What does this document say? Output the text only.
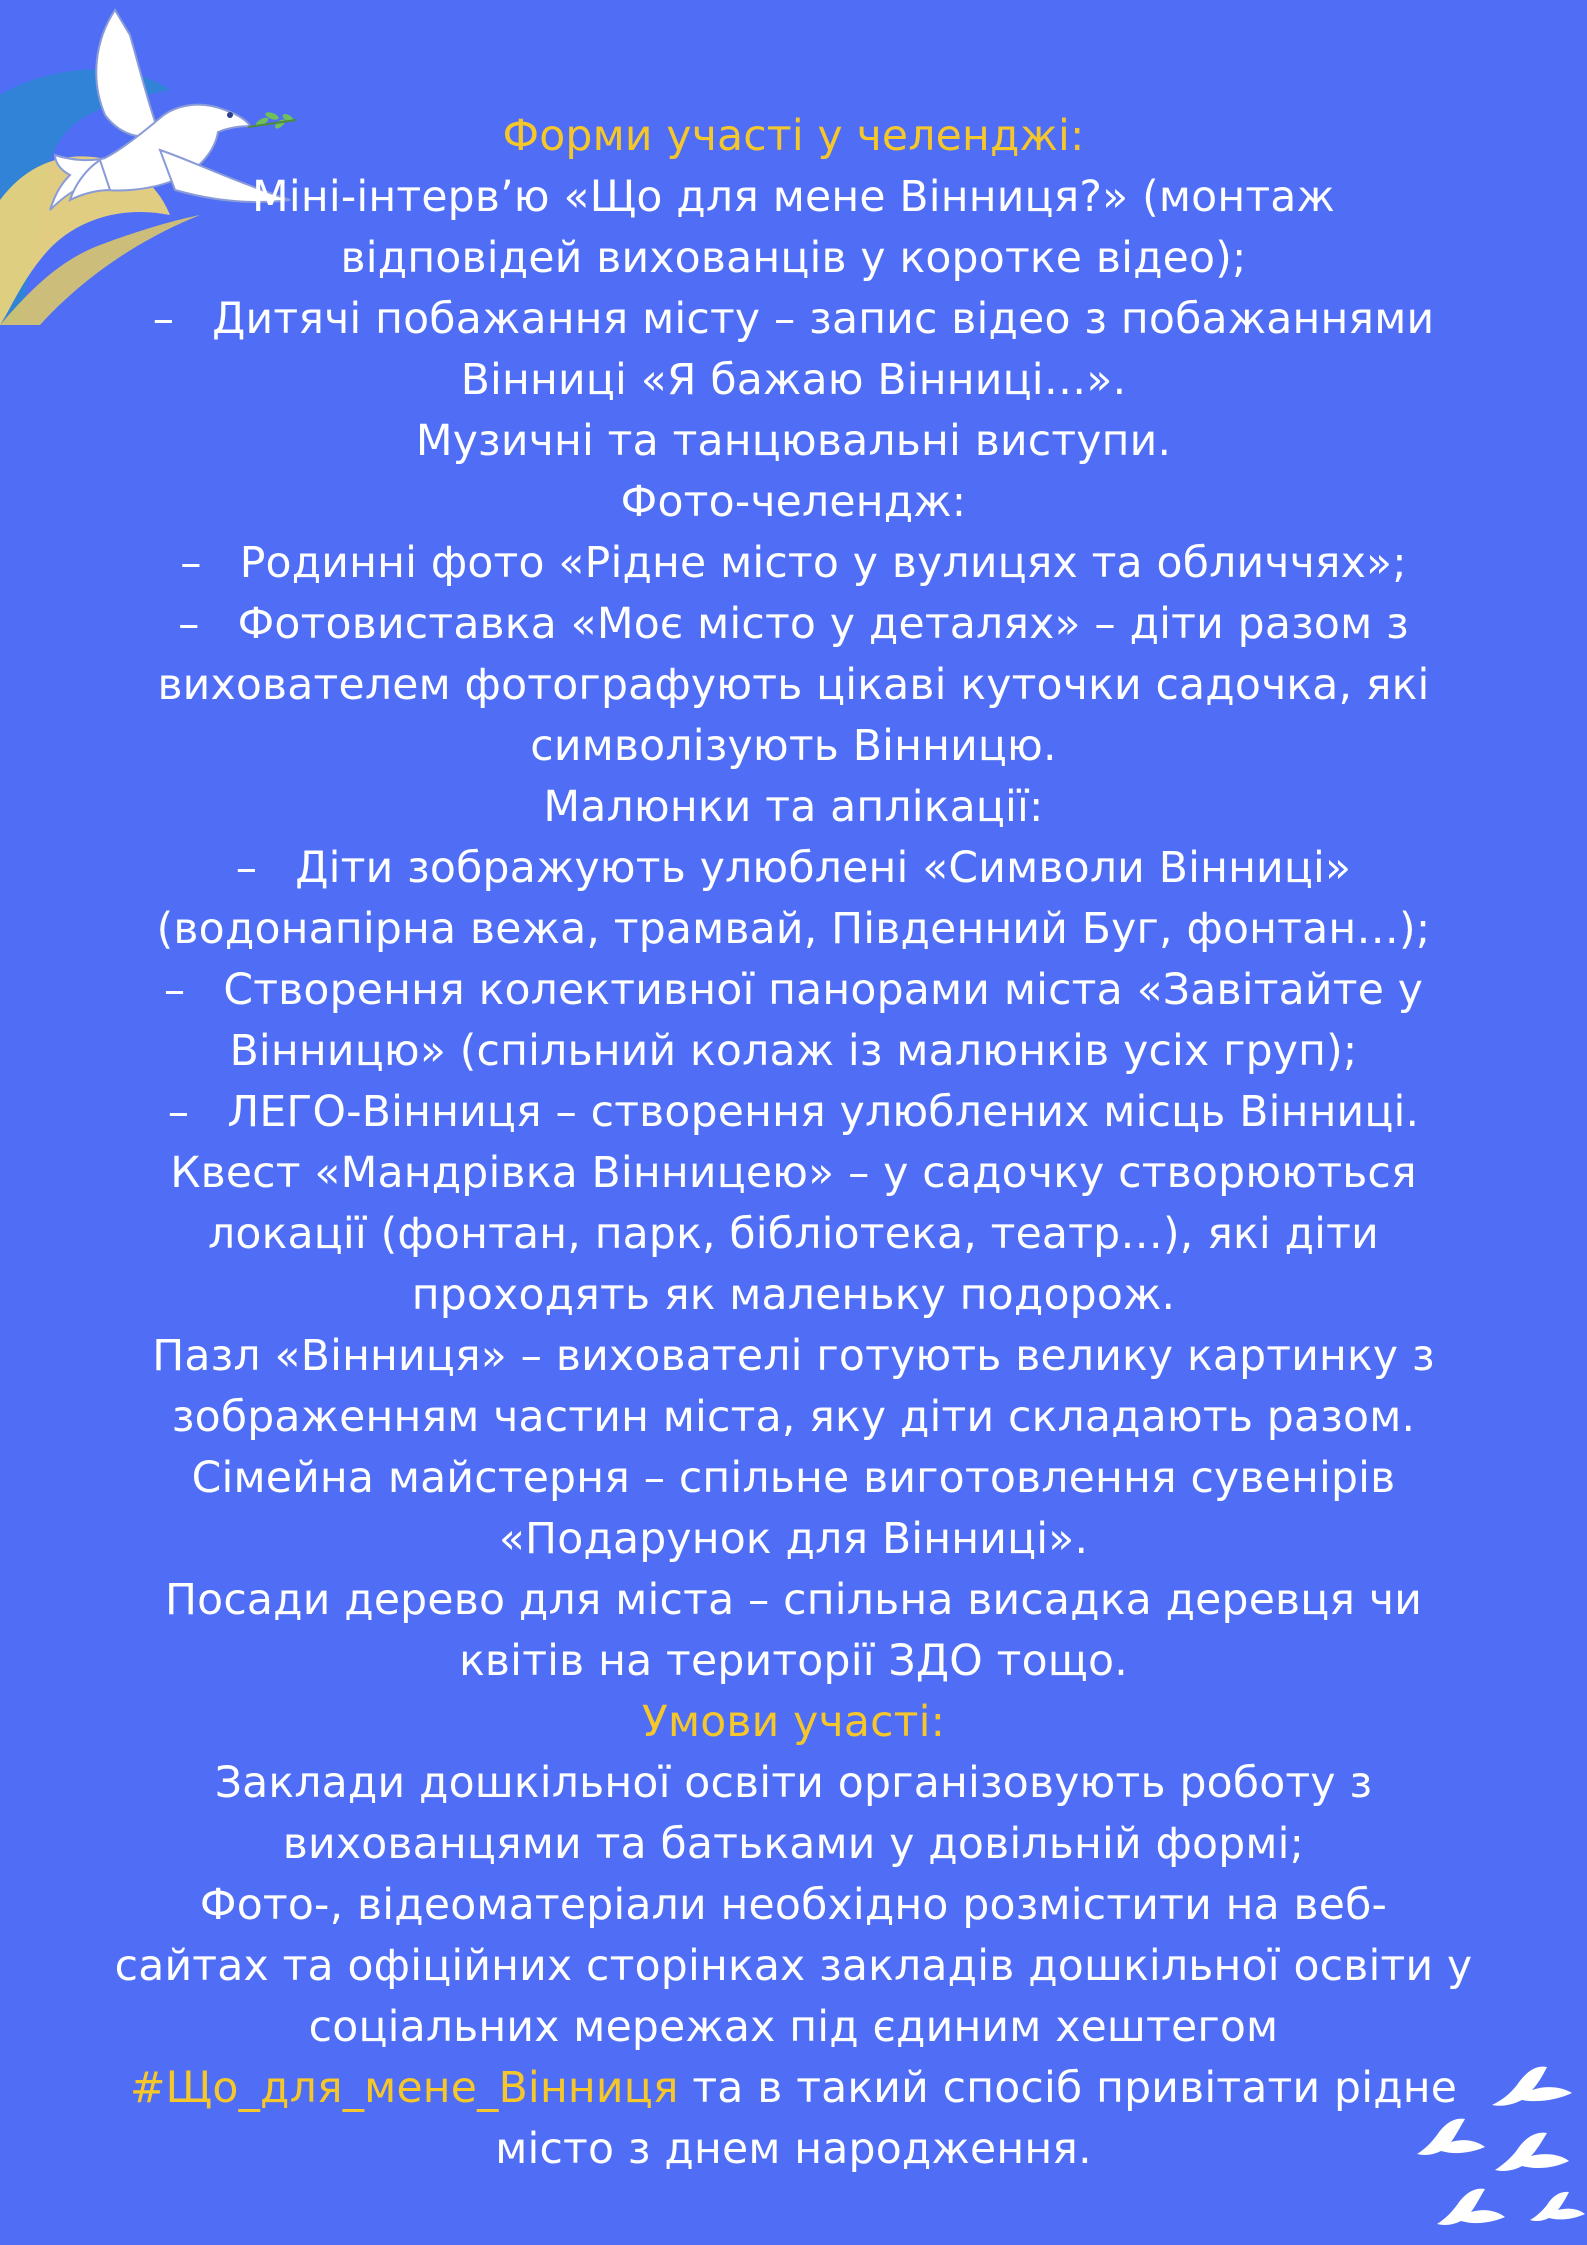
Форми участі у челенджі:
Міні-інтерв’ю «Що для мене Вінниця?» (монтаж
відповідей вихованців у коротке відео);
– Дитячі побажання місту – запис відео з побажаннями
Вінниці «Я бажаю Вінниці…».
Музичні та танцювальні виступи.
Фото-челендж:
– Родинні фото «Рідне місто у вулицях та обличчях»;
– Фотовиставка «Моє місто у деталях» – діти разом з
вихователем фотографують цікаві куточки садочка, які
символізують Вінницю.
Малюнки та аплікації:
– Діти зображують улюблені «Символи Вінниці»
(водонапірна вежа, трамвай, Південний Буг, фонтан…);
– Створення колективної панорами міста «Завітайте у
Вінницю» (спільний колаж із малюнків усіх груп);
– ЛЕГО-Вінниця – створення улюблених місць Вінниці.
Квест «Мандрівка Вінницею» – у садочку створюються
локації (фонтан, парк, бібліотека, театр…), які діти
проходять як маленьку подорож.
Пазл «Вінниця» – вихователі готують велику картинку з
зображенням частин міста, яку діти складають разом.
Сімейна майстерня – спільне виготовлення сувенірів
«Подарунок для Вінниці».
Посади дерево для міста – спільна висадка деревця чи
квітів на території ЗДО тощо.
Умови участі:
Заклади дошкільної освіти організовують роботу з
вихованцями та батьками у довільній формі;
Фото-, відеоматеріали необхідно розмістити на веб-
сайтах та офіційних сторінках закладів дошкільної освіти у
соціальних мережах під єдиним хештегом
#Що_для_мене_Вінниця та в такий спосіб привітати рідне
місто з днем народження.
